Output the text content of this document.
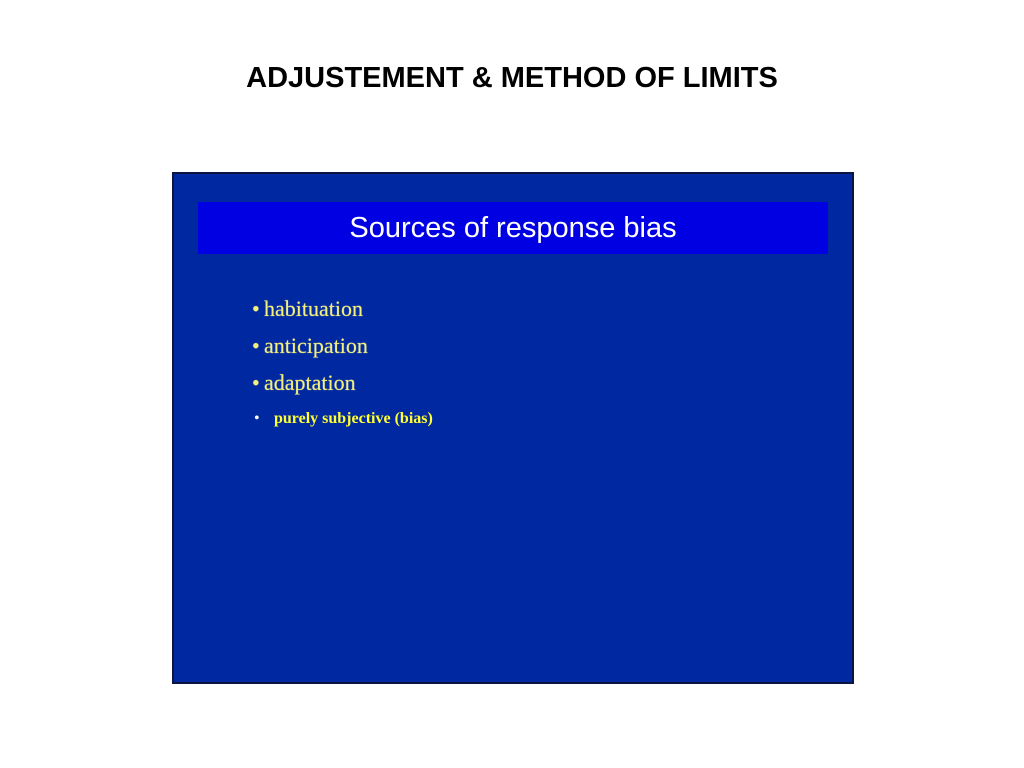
ADJUSTEMENT & METHOD OF LIMITS
Sources of response bias
• habituation
• anticipation
• adaptation
• purely subjective (bias)
